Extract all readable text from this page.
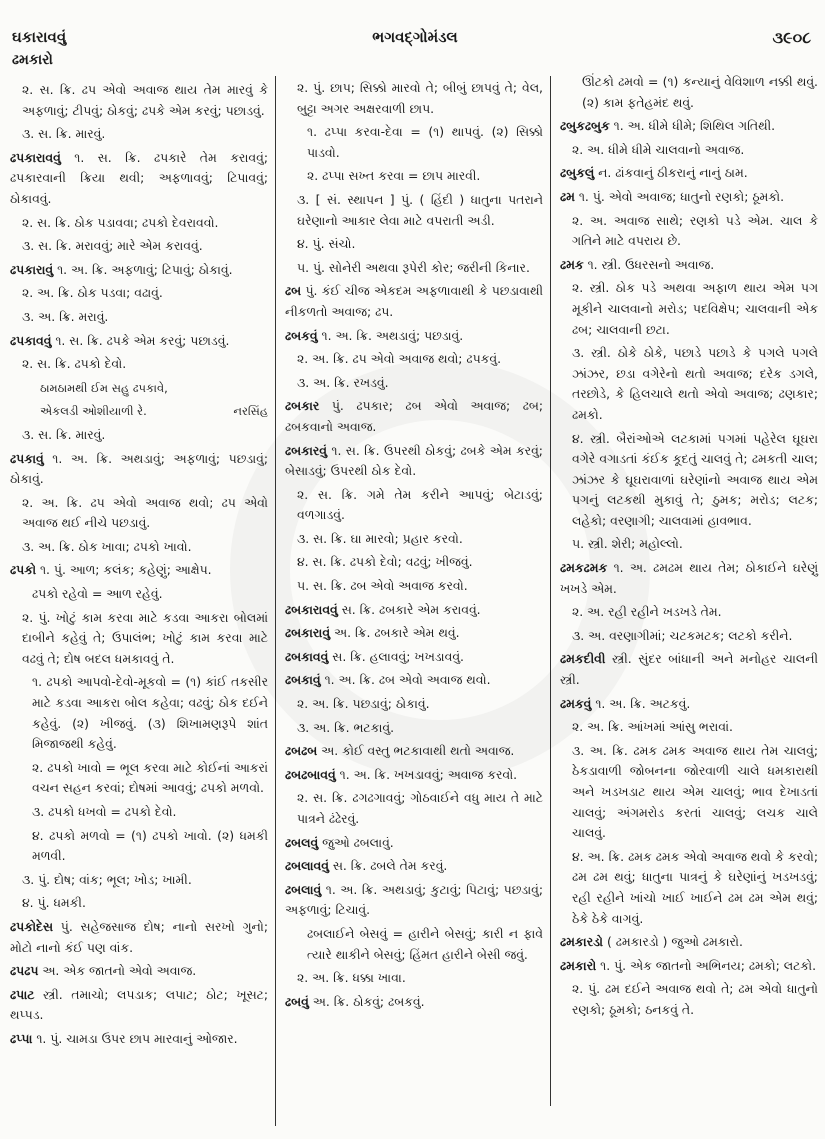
ઘકારાવવું	ભગવદ્ગોમંડલ	૩૯૦૮
ઢમકારો

૨. સ. ક્રિ. ઢપ એવો અવાજ થાય તેમ મારવું કે અફળાવું; ટીપવું; ઠોકવું; ઢપકે એમ કરવું; પછાડવું.

૩. સ. ક્રિ. મારવું.

ઢપકારાવવું ૧. સ. ક્રિ. ઢપકારે તેમ કરાવવું; ઢપકારવાની ક્રિયા થવી; અફળાવવું; ટિપાવવું; ઠોકાવવું.

૨. સ. ક્રિ. ઠોક પડાવવા; ઢપકો દેવરાવવો.

૩. સ. ક્રિ. મરાવવું; મારે એમ કરાવવું.

ઢપકારાવું ૧. અ. ક્રિ. અફળાવું; ટિપાવું; ઠોકાવું.

૨. અ. ક્રિ. ઠોક પડવા; વઢાવું.

૩. અ. ક્રિ. મરાવું.

ઢપકાવવું ૧. સ. ક્રિ. ઢપકે એમ કરવું; પછાડવું.

૨. સ. ક્રિ. ઢપકો દેવો.

ઠામઠામથી ઈમ સહુ ઢપકાવે,

એકલડી ઓશીયાળી રે.	નરસિંહ

૩. સ. ક્રિ. મારવું.

ઢપકાવું ૧. અ. ક્રિ. અથડાવું; અફળાવું; પછડાવું; ઠોકાવું.

૨. અ. ક્રિ. ઢપ એવો અવાજ થવો; ઢપ એવો અવાજ થઈ નીચે પછડાવું.

૩. અ. ક્રિ. ઠોક ખાવા; ઢપકો ખાવો.

ઢપકો ૧. પું. આળ; કલંક; કહેણું; આક્ષેપ.

ઢપકો રહેવો = આળ રહેવું.

૨. પું. ખોટું કામ કરવા માટે કડવા આકરા બોલમાં દાબીને કહેવું તે; ઉપાલંભ; ખોટું કામ કરવા માટે વઢવું તે; દોષ બદલ ધમકાવવું તે.

૧. ઢપકો આપવો-દેવો-મૂકવો = (૧) કાંઈ તકસીર માટે કડવા આકરા બોલ કહેવા; વઢવું; ઠોક દઈને કહેવું. (૨) ખીજવું. (૩) શિખામણરૂપે શાંત મિજાજથી કહેવું.

૨. ઢપકો ખાવો = ભૂલ કરવા માટે કોઈનાં આકરાં વચન સહન કરવાં; દોષમાં આવવું; ઢપકો મળવો.

૩. ઢપકો ધખવો = ઢપકો દેવો.

૪. ઢપકો મળવો = (૧) ઢપકો ખાવો. (૨) ધમકી મળવી.

૩. પું. દોષ; વાંક; ભૂલ; ખોડ; ખામી.

૪. પું. ધમકી.

ઢપકોદેસ પું. સહેજસાજ દોષ; નાનો સરખો ગુનો; મોટો નાનો કંઈ પણ વાંક.

ઢપઢપ અ. એક જાતનો એવો અવાજ.

ઢપાટ સ્ત્રી. તમાચો; લપડાક; લપાટ; ઠોટ; ખૂસટ; થપ્પડ.

ઢપ્પા ૧. પું. ચામડા ઉપર છાપ મારવાનું ઓજાર.

૨. પું. છાપ; સિક્કો મારવો તે; બીબું છાપવું તે; વેલ, બુટ્ટા અગર અક્ષરવાળી છાપ.

૧. ઢપ્પા કરવા-દેવા = (૧) થાપવું. (૨) સિક્કો પાડવો.

૨. ઢપ્પા સખ્ત કરવા = છાપ મારવી.

૩. [ સં. સ્થાપન ] પું. ( હિંદી ) ધાતુના પતરાને ઘરેણાનો આકાર લેવા માટે વપરાતી અડી.

૪. પું. સંચો.

૫. પું. સોનેરી અથવા રૂપેરી કોર; જરીની કિનાર.

ઢબ પું. કંઈ ચીજ એકદમ અફળાવાથી કે પછડાવાથી નીકળતો અવાજ; ઢપ.

ઢબકવું ૧. અ. ક્રિ. અથડાવું; પછડાવું.

૨. અ. ક્રિ. ઢપ એવો અવાજ થવો; ઢપકવું.

૩. અ. ક્રિ. રખડવું.

ઢબકાર પું. ઢપકાર; ઢબ એવો અવાજ; ઢબ; ઢબકવાનો અવાજ.

ઢબકારવું ૧. સ. ક્રિ. ઉપરથી ઠોકવું; ઢબકે એમ કરવું; બેસાડવું; ઉપરથી ઠોક દેવો.

૨. સ. ક્રિ. ગમે તેમ કરીને આપવું; બેટાડવું; વળગાડવું.

૩. સ. ક્રિ. ઘા મારવો; પ્રહાર કરવો.

૪. સ. ક્રિ. ઢપકો દેવો; વઢવું; ખીજવું.

૫. સ. ક્રિ. ઢબ એવો અવાજ કરવો.

ઢબકારાવવું સ. ક્રિ. ઢબકારે એમ કરાવવું.

ઢબકારાવું અ. ક્રિ. ઢબકારે એમ થવું.

ઢબકાવવું સ. ક્રિ. હલાવવું; ખખડાવવું.

ઢબકાવું ૧. અ. ક્રિ. ઢબ એવો અવાજ થવો.

૨. અ. ક્રિ. પછડાવું; ઠોકાવું.

૩. અ. ક્રિ. ભટકાવું.

ઢબઢબ અ. કોઈ વસ્તુ ભટકાવાથી થતો અવાજ.

ઢબઢબાવવું ૧. અ. ક્રિ. ખખડાવવું; અવાજ કરવો.

૨. સ. ક્રિ. ઢગઢગાવવું; ગોઠવાઈને વધુ માય તે માટે પાત્રને ઢંઢેરવું.

ઢબલવું જુઓ ઢબલાવું.

ઢબલાવવું સ. ક્રિ. ઢબલે તેમ કરવું.

ઢબલાવું ૧. અ. ક્રિ. અથડાવું; કુટાવું; પિટાવું; પછડાવું; અફળાવું; ટિચાવું.

ઢબલાઈને બેસવું = હારીને બેસવું; કારી ન ફાવે ત્યારે થાકીને બેસવું; હિંમત હારીને બેસી જવું.

૨. અ. ક્રિ. ધક્કા ખાવા.

ઢબવું અ. ક્રિ. ઠોકવું; ઢબકવું.

ઊંટકો ઢમવો = (૧) કન્યાનું વેવિશાળ નક્કી થવું. (૨) કામ ફતેહમંદ થવું.

ઢબુકઢબુક ૧. અ. ધીમે ધીમે; શિથિલ ગતિથી.

૨. અ. ધીમે ધીમે ચાલવાનો અવાજ.

ઢબુકલું ન. ઢાંકવાનું ઠીકરાનું નાનું ઠામ.

ઢમ ૧. પું. એવો અવાજ; ધાતુનો રણકો; ઠૂમકો.

૨. અ. અવાજ સાથે; રણકો પડે એમ. ચાલ કે ગતિને માટે વપરાય છે.

ઢમક ૧. સ્ત્રી. ઉધરસનો અવાજ.

૨. સ્ત્રી. ઠોક પડે અથવા અફાળ થાય એમ પગ મૂકીને ચાલવાનો મરોડ; પદવિક્ષેપ; ચાલવાની એક ઢબ; ચાલવાની છટા.

૩. સ્ત્રી. ઠોકે ઠોકે, પછાડે પછાડે કે પગલે પગલે ઝાંઝર, છડા વગેરેનો થતો અવાજ; દરેક ડગલે, તરછોડે, કે હિલચાલે થતો એવો અવાજ; ઢણકાર; ઢમકો.

૪. સ્ત્રી. બૈરાંઓએ લટકામાં પગમાં પહેરેલ ઘૂઘરા વગેરે વગાડતાં કંઈક કૂદતું ચાલવું તે; ઢમકતી ચાલ; ઝાંઝર કે ઘૂઘરાવાળાં ઘરેણાંનો અવાજ થાય એમ પગનું લટકથી મુકાવું તે; ઠુમક; મરોડ; લટક; લહેકો; વરણાગી; ચાલવામાં હાવભાવ.

૫. સ્ત્રી. શેરી; મહોલ્લો.

ઢમકઢમક ૧. અ. ઢમઢમ થાય તેમ; ઠોકાઈને ઘરેણું ખખડે એમ.

૨. અ. રહી રહીને ખડખડે તેમ.

૩. અ. વરણાગીમાં; ચટકમટક; લટકો કરીને.

ઢમકદીવી સ્ત્રી. સુંદર બાંધાની અને મનોહર ચાલની સ્ત્રી.

ઢમકવું ૧. અ. ક્રિ. અટકવું.

૨. અ. ક્રિ. આંખમાં આંસુ ભરાવાં.

૩. અ. ક્રિ. ઢમક ઢમક અવાજ થાય તેમ ચાલવું; ઠેકડાવાળી જોબનના જોરવાળી ચાલે ધમકારાથી અને ખડખડાટ થાય એમ ચાલવું; ભાવ દેખાડતાં ચાલવું; અંગમરોડ કરતાં ચાલવું; લચક ચાલે ચાલવું.

૪. અ. ક્રિ. ઢમક ઢમક એવો અવાજ થવો કે કરવો; ઢમ ઢમ થવું; ધાતુના પાત્રનું કે ઘરેણાંનું ખડખડવું; રહી રહીને ખાંચો ખાઈ ખાઈને ઢમ ઢમ એમ થવું; ઠેકે ઠેકે વાગવું.

ઢમકારડો ( ઢમકારડો ) જુઓ ઢમકારો.

ઢમકારો ૧. પું. એક જાતનો અભિનય; ઢમકો; લટકો.

૨. પું. ઢમ દઈને અવાજ થવો તે; ઢમ એવો ધાતુનો રણકો; ઠૂમકો; ઠનકવું તે.
